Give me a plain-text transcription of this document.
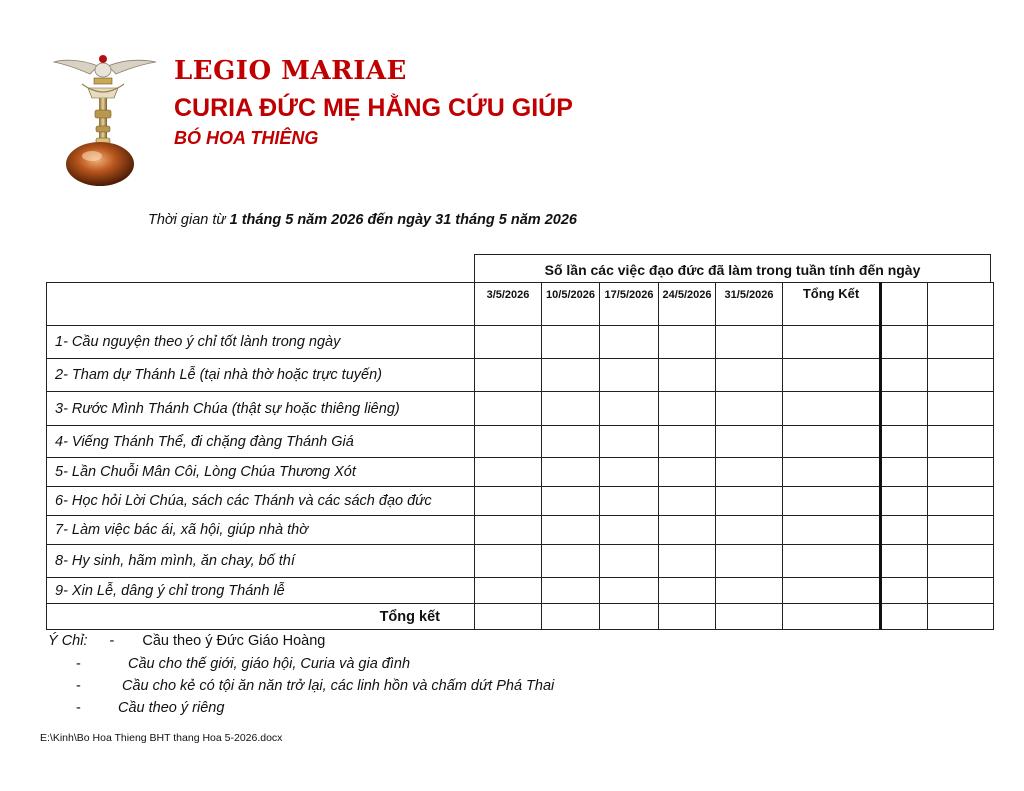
LEGIO MARIAE
CURIA ĐỨC MẸ HẰNG CỨU GIÚP
BÓ HOA THIÊNG
Thời gian từ 1 tháng 5 năm 2026 đến ngày 31 tháng 5 năm 2026
Số lần các việc đạo đức đã làm trong tuần tính đến ngày
	3/5/2026	10/5/2026	17/5/2026	24/5/2026	31/5/2026	Tổng Kết		
1- Cầu nguyện theo ý chỉ tốt lành trong ngày								
2- Tham dự Thánh Lễ (tại nhà thờ hoặc trực tuyến)								
3- Rước Mình Thánh Chúa (thật sự hoặc thiêng liêng)								
4- Viếng Thánh Thể, đi chặng đàng Thánh Giá								
5- Lần Chuỗi Mân Côi, Lòng Chúa Thương Xót								
6- Học hỏi Lời Chúa, sách các Thánh và các sách đạo đức								
7- Làm việc bác ái, xã hội, giúp nhà thờ								
8- Hy sinh, hãm mình, ăn chay, bố thí								
9- Xin Lễ, dâng ý chỉ trong Thánh lễ								
Tổng kết								
Ý Chỉ: - Cầu theo ý Đức Giáo Hoàng
-	Cầu cho thế giới, giáo hội, Curia và gia đình
-	Cầu cho kẻ có tội ăn năn trở lại, các linh hồn và chấm dứt Phá Thai
-	Cầu theo ý riêng
E:\Kinh\Bo Hoa Thieng BHT thang Hoa 5-2026.docx
